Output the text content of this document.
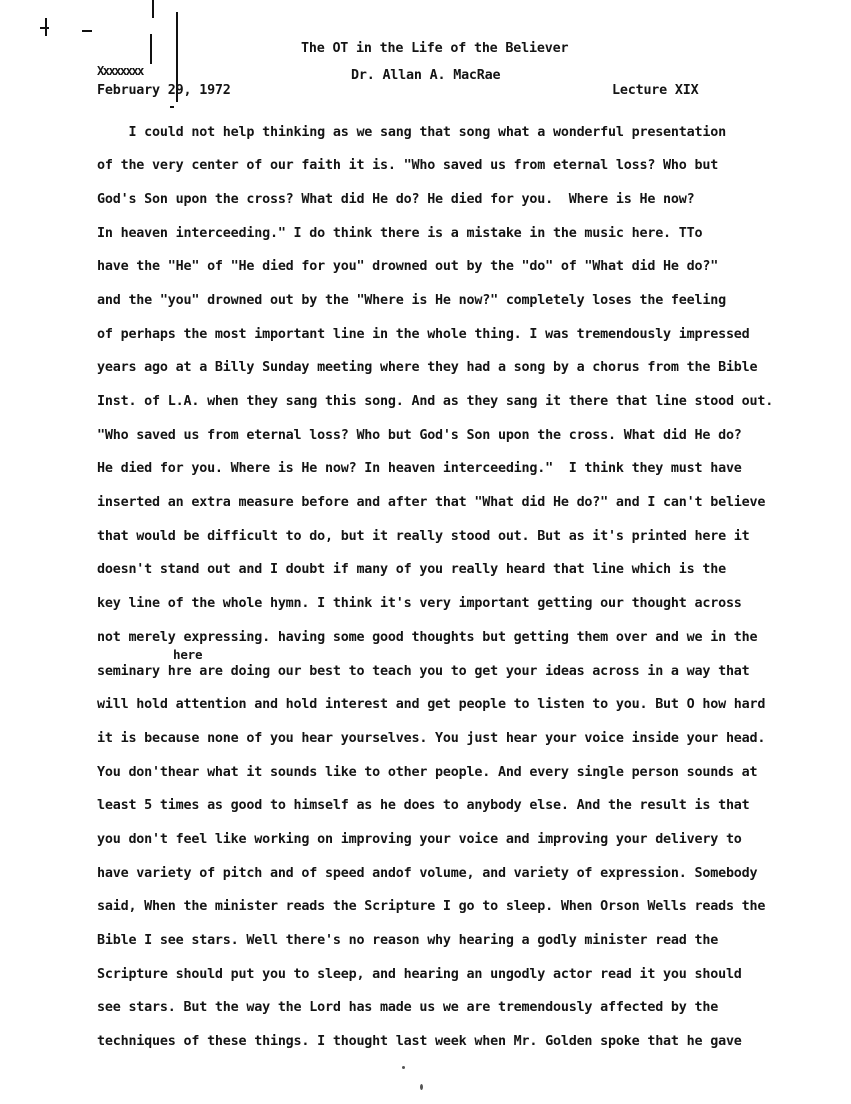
The OT in the Life of the Believer
Dr. Allan A. MacRae
Xxxxxxxx
February 29, 1972	Lecture XIX
I could not help thinking as we sang that song what a wonderful presentation
of the very center of our faith it is. "Who saved us from eternal loss? Who but
God's Son upon the cross? What did He do? He died for you.  Where is He now?
In heaven interceeding." I do think there is a mistake in the music here. TTo
have the "He" of "He died for you" drowned out by the "do" of "What did He do?"
and the "you" drowned out by the "Where is He now?" completely loses the feeling
of perhaps the most important line in the whole thing. I was tremendously impressed
years ago at a Billy Sunday meeting where they had a song by a chorus from the Bible
Inst. of L.A. when they sang this song. And as they sang it there that line stood out.
"Who saved us from eternal loss? Who but God's Son upon the cross. What did He do?
He died for you. Where is He now? In heaven interceeding."  I think they must have
inserted an extra measure before and after that "What did He do?" and I can't believe
that would be difficult to do, but it really stood out. But as it's printed here it
doesn't stand out and I doubt if many of you really heard that line which is the
key line of the whole hymn. I think it's very important getting our thought across
not merely expressing. having some good thoughts but getting them over and we in the
here
seminary hre are doing our best to teach you to get your ideas across in a way that
will hold attention and hold interest and get people to listen to you. But O how hard
it is because none of you hear yourselves. You just hear your voice inside your head.
You don'thear what it sounds like to other people. And every single person sounds at
least 5 times as good to himself as he does to anybody else. And the result is that
you don't feel like working on improving your voice and improving your delivery to
have variety of pitch and of speed andof volume, and variety of expression. Somebody
said, When the minister reads the Scripture I go to sleep. When Orson Wells reads the
Bible I see stars. Well there's no reason why hearing a godly minister read the
Scripture should put you to sleep, and hearing an ungodly actor read it you should
see stars. But the way the Lord has made us we are tremendously affected by the
techniques of these things. I thought last week when Mr. Golden spoke that he gave
